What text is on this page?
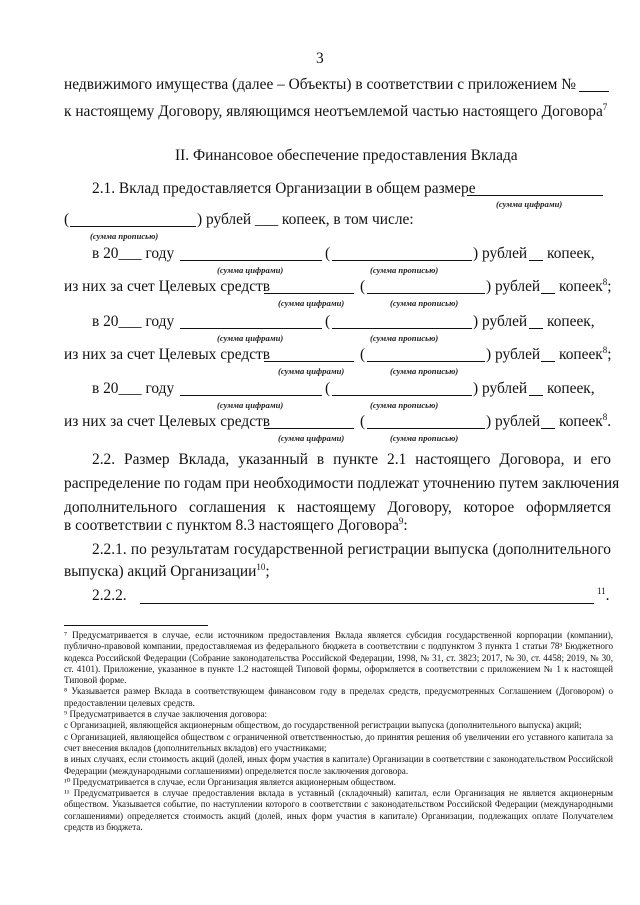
3
недвижимого имущества (далее – Объекты) в соответствии с приложением №
к настоящему Договору, являющимся неотъемлемой частью настоящего Договора$^7$
II. Финансовое обеспечение предоставления Вклада
2.1. Вклад предоставляется Организации в общем размере
(сумма цифрами)
(	) рублей ___ копеек, в том числе:
(сумма прописью)
в 20___ году	(	) рублей копеек,
(сумма цифрами)	(сумма прописью)
из них за счет Целевых средств	(	) рублей копеек$^8$;
(сумма цифрами)	(сумма прописью)
в 20___ году	(	) рублей копеек,
(сумма цифрами)	(сумма прописью)
из них за счет Целевых средств	(	) рублей копеек$^8$;
(сумма цифрами)	(сумма прописью)
в 20___ году	(	) рублей копеек,
(сумма цифрами)	(сумма прописью)
из них за счет Целевых средств	(	) рублей копеек$^8$.
(сумма цифрами)	(сумма прописью)
2.2. Размер Вклада, указанный в пункте 2.1 настоящего Договора, и его
распределение по годам при необходимости подлежат уточнению путем заключения
дополнительного соглашения к настоящему Договору, которое оформляется
в соответствии с пунктом 8.3 настоящего Договора$^9$:
2.2.1. по результатам государственной регистрации выпуска (дополнительного
выпуска) акций Организации$^{10}$;
2.2.2.	$^{11}$.

⁷ Предусматривается в случае, если источником предоставления Вклада является субсидия государственной корпорации (компании), публично-правовой компании, предоставляемая из федерального бюджета в соответствии с подпунктом 3 пункта 1 статьи 78³ Бюджетного кодекса Российской Федерации (Собрание законодательства Российской Федерации, 1998, № 31, ст. 3823; 2017, № 30, ст. 4458; 2019, № 30, ст. 4101). Приложение, указанное в пункте 1.2 настоящей Типовой формы, оформляется в соответствии с приложением № 1 к настоящей Типовой форме.

⁸ Указывается размер Вклада в соответствующем финансовом году в пределах средств, предусмотренных Соглашением (Договором) о предоставлении целевых средств.

⁹ Предусматривается в случае заключения договора:

с Организацией, являющейся акционерным обществом, до государственной регистрации выпуска (дополнительного выпуска) акций;

с Организацией, являющейся обществом с ограниченной ответственностью, до принятия решения об увеличении его уставного капитала за счет внесения вкладов (дополнительных вкладов) его участниками;

в иных случаях, если стоимость акций (долей, иных форм участия в капитале) Организации в соответствии с законодательством Российской Федерации (международными соглашениями) определяется после заключения договора.

¹⁰ Предусматривается в случае, если Организация является акционерным обществом.

¹¹ Предусматривается в случае предоставления вклада в уставный (складочный) капитал, если Организация не является акционерным обществом. Указывается событие, по наступлении которого в соответствии с законодательством Российской Федерации (международными соглашениями) определяется стоимость акций (долей, иных форм участия в капитале) Организации, подлежащих оплате Получателем средств из бюджета.
